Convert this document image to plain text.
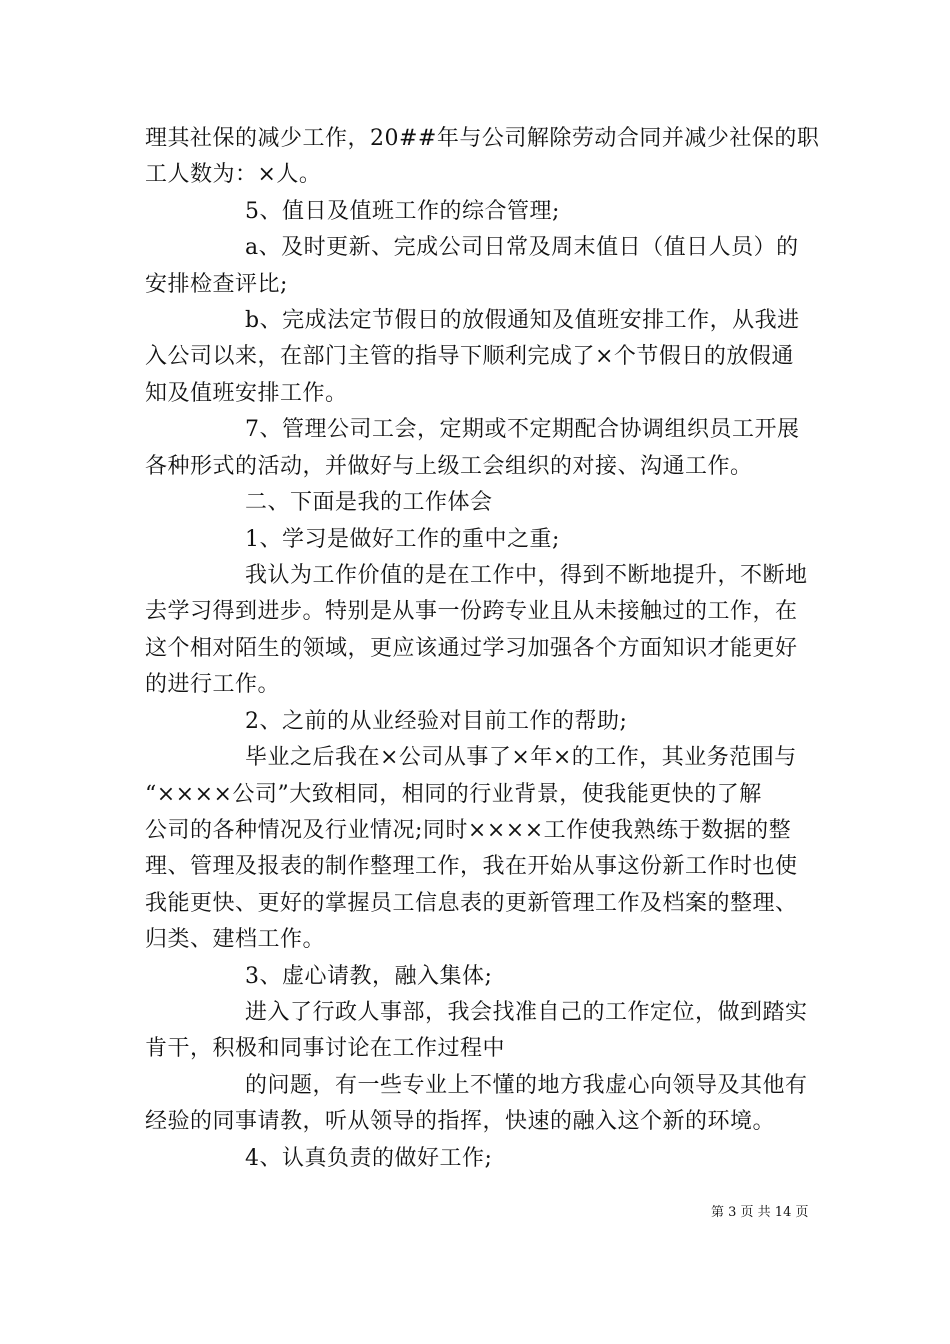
理其社保的减少工作，20##年与公司解除劳动合同并减少社保的职
工人数为：×人。
5、值日及值班工作的综合管理;
a、及时更新、完成公司日常及周末值日（值日人员）的
安排检查评比;
b、完成法定节假日的放假通知及值班安排工作，从我进
入公司以来，在部门主管的指导下顺利完成了×个节假日的放假通
知及值班安排工作。
7、管理公司工会，定期或不定期配合协调组织员工开展
各种形式的活动，并做好与上级工会组织的对接、沟通工作。
二、下面是我的工作体会
1、学习是做好工作的重中之重;
我认为工作价值的是在工作中，得到不断地提升，不断地
去学习得到进步。特别是从事一份跨专业且从未接触过的工作，在
这个相对陌生的领域，更应该通过学习加强各个方面知识才能更好
的进行工作。
2、之前的从业经验对目前工作的帮助;
毕业之后我在×公司从事了×年×的工作，其业务范围与
“××××公司”大致相同，相同的行业背景，使我能更快的了解
公司的各种情况及行业情况;同时××××工作使我熟练于数据的整
理、管理及报表的制作整理工作，我在开始从事这份新工作时也使
我能更快、更好的掌握员工信息表的更新管理工作及档案的整理、
归类、建档工作。
3、虚心请教，融入集体;
进入了行政人事部，我会找准自己的工作定位，做到踏实
肯干，积极和同事讨论在工作过程中
的问题，有一些专业上不懂的地方我虚心向领导及其他有
经验的同事请教，听从领导的指挥，快速的融入这个新的环境。
4、认真负责的做好工作;
第 3 页 共 14 页
